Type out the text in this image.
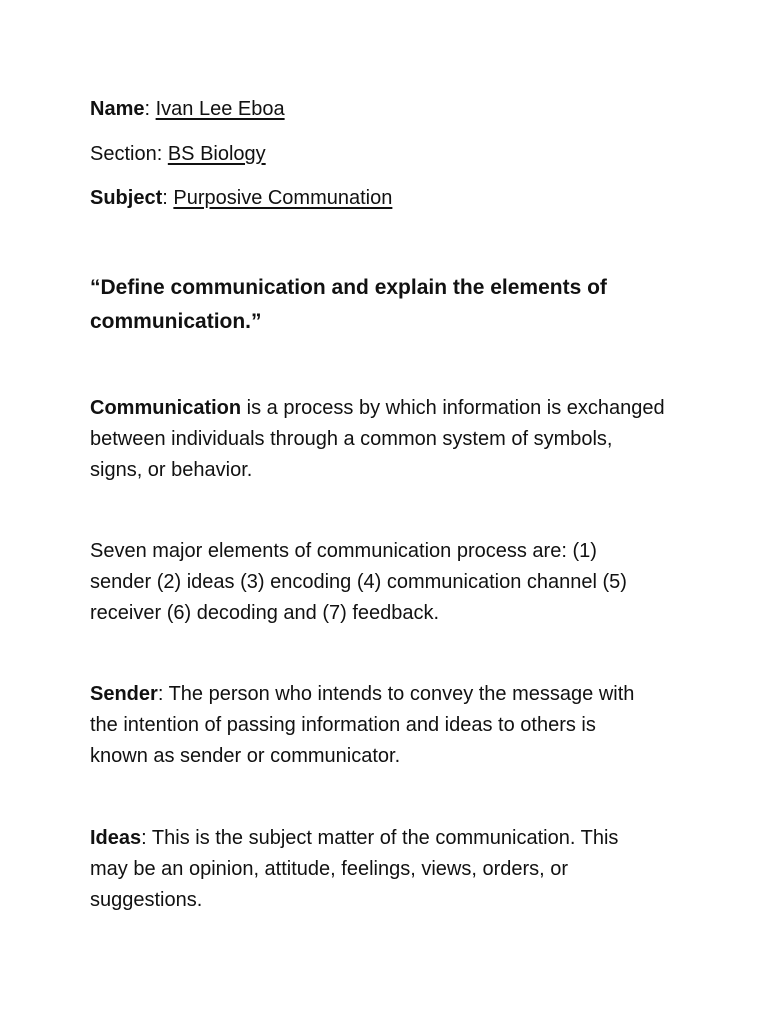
Name: Ivan Lee Eboa
Section: BS Biology
Subject: Purposive Communation
“Define communication and explain the elements of
communication.”
Communication is a process by which information is exchanged
between individuals through a common system of symbols,
signs, or behavior.
Seven major elements of communication process are: (1)
sender (2) ideas (3) encoding (4) communication channel (5)
receiver (6) decoding and (7) feedback.
Sender: The person who intends to convey the message with
the intention of passing information and ideas to others is
known as sender or communicator.
Ideas: This is the subject matter of the communication. This
may be an opinion, attitude, feelings, views, orders, or
suggestions.
